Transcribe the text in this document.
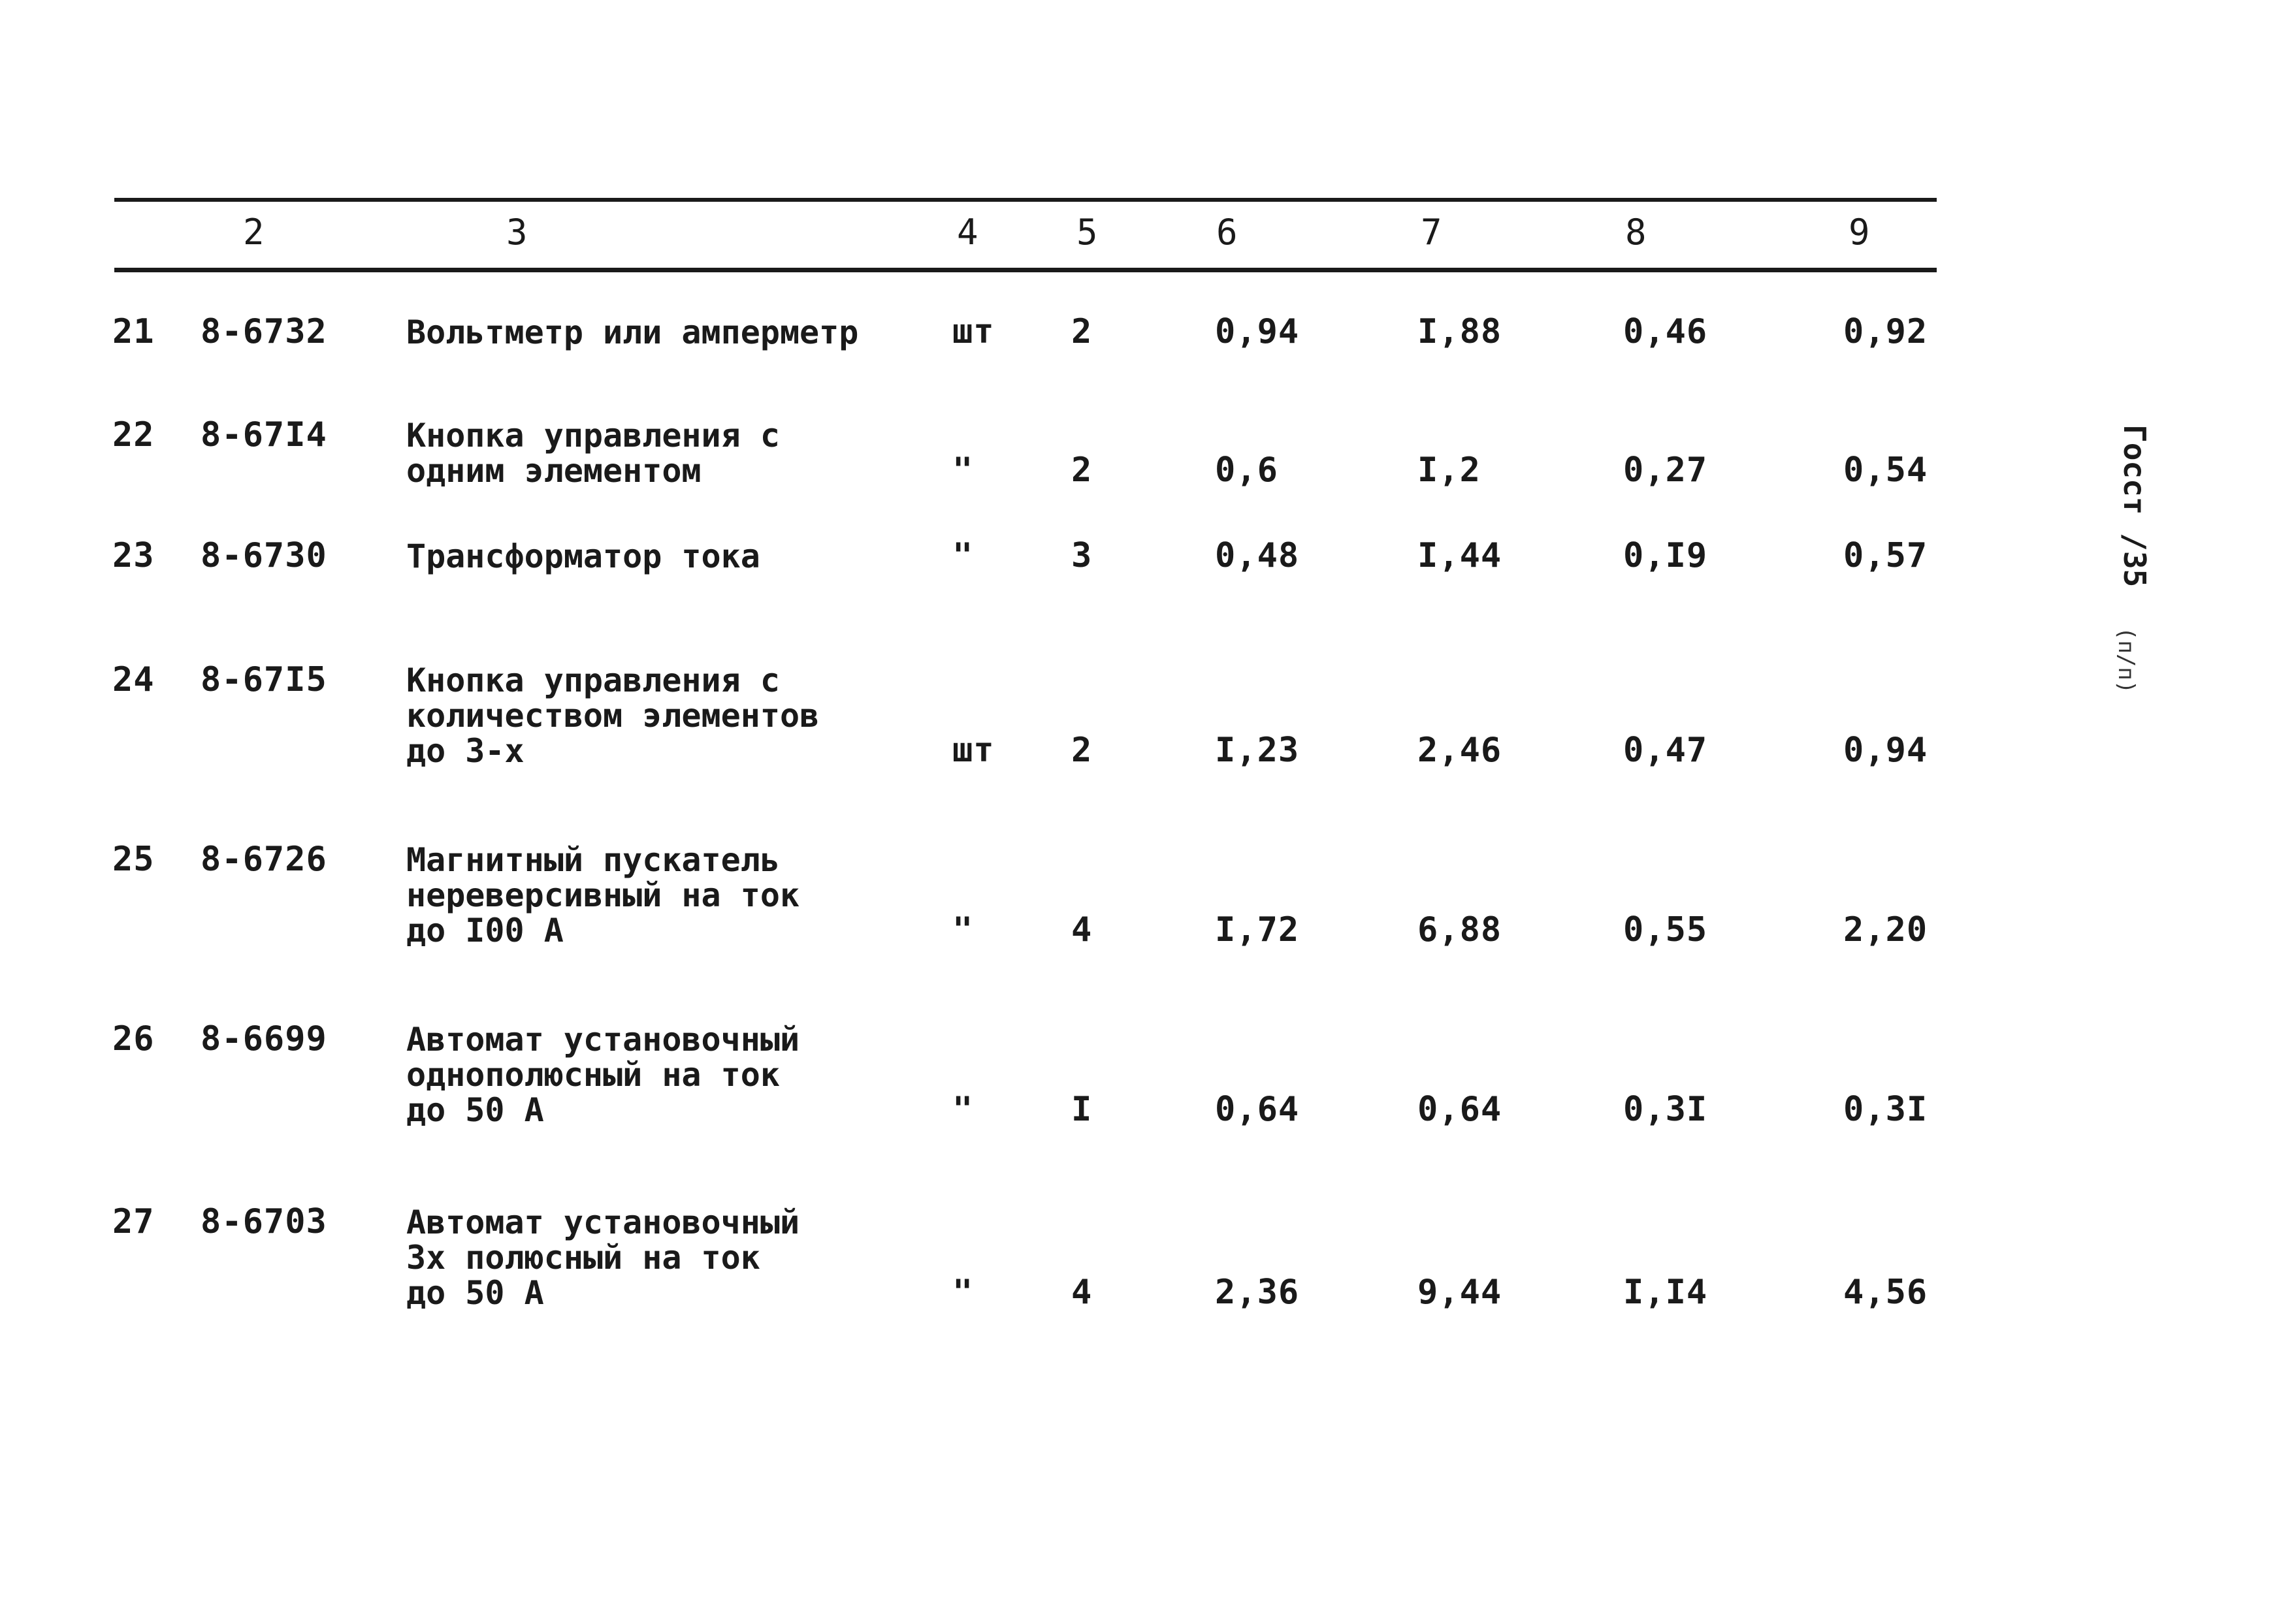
2	3	4	5	6	7	8	9
21 8-6732 Вольтметр или амперметр	шт 2	0,94	I,88	0,46	0,92
22 8-67I4 Кнопка управления с
одним элементом	"	2	0,6	I,2	0,27	0,54
23 8-6730 Трансформатор тока	"	3	0,48	I,44	0,I9	0,57
24 8-67I5 Кнопка управления с
количеством элементов
до 3-х	шт 2	I,23	2,46	0,47	0,94
25 8-6726 Магнитный пускатель
нереверсивный на ток
до I00 А	"	4	I,72	6,88	0,55	2,20
26 8-6699 Автомат установочный
однополюсный на ток
до 50 А	"	I	0,64	0,64	0,3I	0,3I
27 8-6703 Автомат установочный
3х полюсный на ток
до 50 А	"	4	2,36	9,44	I,I4	4,56
Госст /35
(п/п)
